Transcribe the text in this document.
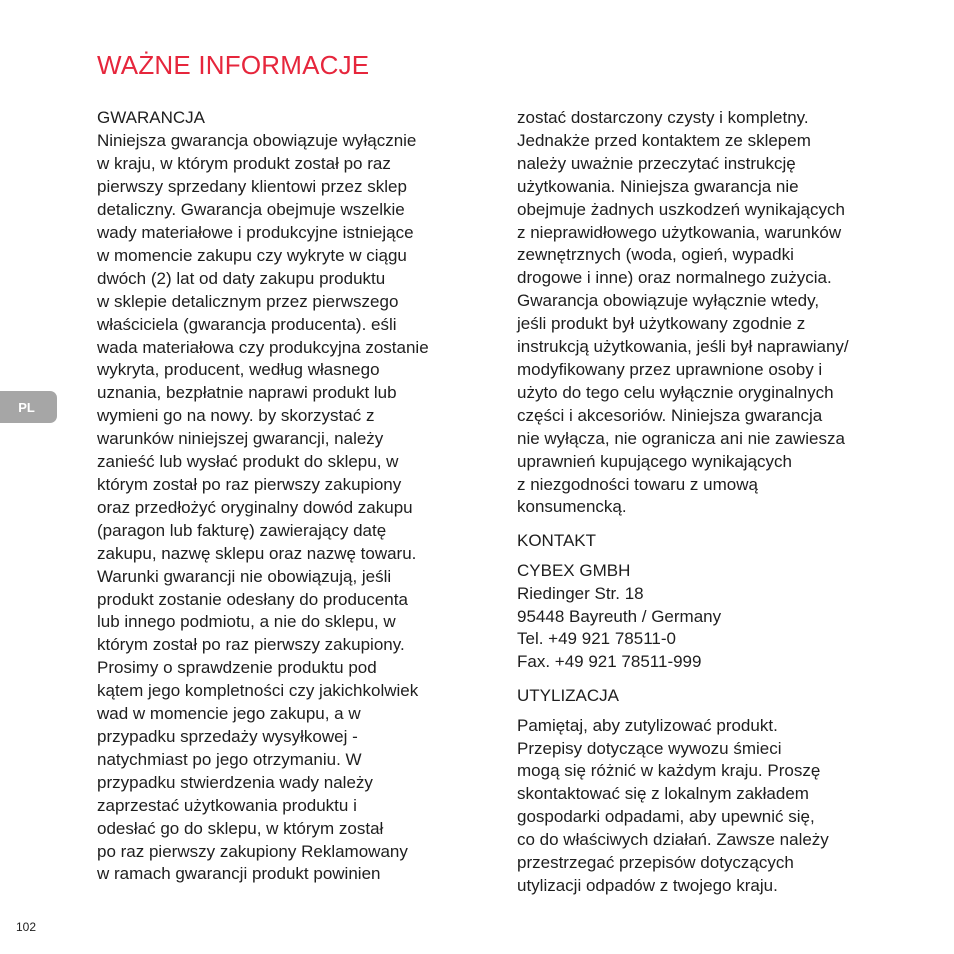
WAŻNE INFORMACJE
GWARANCJA
Niniejsza gwarancja obowiązuje wyłącznie
w kraju, w którym produkt został po raz
pierwszy sprzedany klientowi przez sklep
detaliczny. Gwarancja obejmuje wszelkie
wady materiałowe i produkcyjne istniejące
w momencie zakupu czy wykryte w ciągu
dwóch (2) lat od daty zakupu produktu
w sklepie detalicznym przez pierwszego
właściciela (gwarancja producenta). eśli
wada materiałowa czy produkcyjna zostanie
wykryta, producent, według własnego
uznania, bezpłatnie naprawi produkt lub
wymieni go na nowy. by skorzystać z
warunków niniejszej gwarancji, należy
zanieść lub wysłać produkt do sklepu, w
którym został po raz pierwszy zakupiony
oraz przedłożyć oryginalny dowód zakupu
(paragon lub fakturę) zawierający datę
zakupu, nazwę sklepu oraz nazwę towaru.
Warunki gwarancji nie obowiązują, jeśli
produkt zostanie odesłany do producenta
lub innego podmiotu, a nie do sklepu, w
którym został po raz pierwszy zakupiony.
Prosimy o sprawdzenie produktu pod
kątem jego kompletności czy jakichkolwiek
wad w momencie jego zakupu, a w
przypadku sprzedaży wysyłkowej -
natychmiast po jego otrzymaniu. W
przypadku stwierdzenia wady należy
zaprzestać użytkowania produktu i
odesłać go do sklepu, w którym został
po raz pierwszy zakupiony Reklamowany
w ramach gwarancji produkt powinien
zostać dostarczony czysty i kompletny.
Jednakże przed kontaktem ze sklepem
należy uważnie przeczytać instrukcję
użytkowania. Niniejsza gwarancja nie
obejmuje żadnych uszkodzeń wynikających
z nieprawidłowego użytkowania, warunków
zewnętrznych (woda, ogień, wypadki
drogowe i inne) oraz normalnego zużycia.
Gwarancja obowiązuje wyłącznie wtedy,
jeśli produkt był użytkowany zgodnie z
instrukcją użytkowania, jeśli był naprawiany/
modyfikowany przez uprawnione osoby i
użyto do tego celu wyłącznie oryginalnych
części i akcesoriów. Niniejsza gwarancja
nie wyłącza, nie ogranicza ani nie zawiesza
uprawnień kupującego wynikających
z niezgodności towaru z umową
konsumencką.
KONTAKT
CYBEX GMBH
Riedinger Str. 18
95448 Bayreuth / Germany
Tel. +49 921 78511-0
Fax. +49 921 78511-999
UTYLIZACJA
Pamiętaj, aby zutylizować produkt.
Przepisy dotyczące wywozu śmieci
mogą się różnić w każdym kraju. Proszę
skontaktować się z lokalnym zakładem
gospodarki odpadami, aby upewnić się,
co do właściwych działań. Zawsze należy
przestrzegać przepisów dotyczących
utylizacji odpadów z twojego kraju.
PL
102
